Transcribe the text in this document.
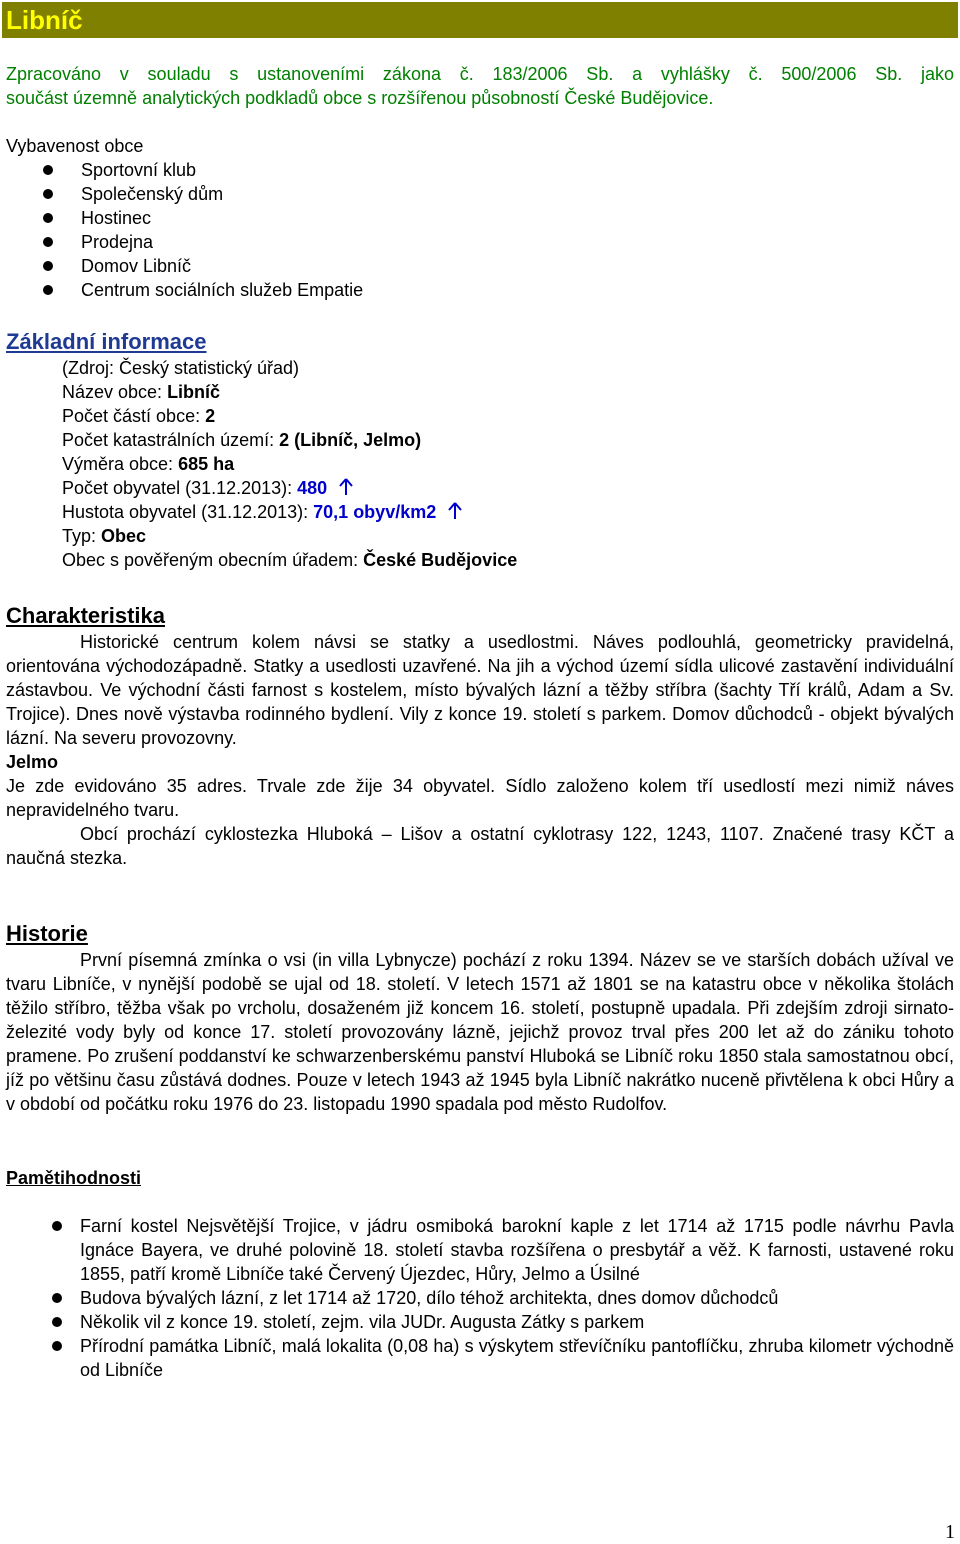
Libníč

Zpracováno v souladu s ustanoveními zákona č. 183/2006 Sb. a vyhlášky č. 500/2006 Sb. jako
součást územně analytických podkladů obce s rozšířenou působností České Budějovice.

Vybavenost obce
Sportovní klub
Společenský dům
Hostinec
Prodejna
Domov Libníč
Centrum sociálních služeb Empatie
Základní informace
(Zdroj: Český statistický úřad)
Název obce: Libníč
Počet částí obce: 2
Počet katastrálních území: 2 (Libníč, Jelmo)
Výměra obce: 685 ha
Počet obyvatel (31.12.2013): 480
Hustota obyvatel (31.12.2013): 70,1 obyv/km2
Typ: Obec
Obec s pověřeným obecním úřadem: České Budějovice
Charakteristika

Historické centrum kolem návsi se statky a usedlostmi. Náves podlouhlá, geometricky pravidelná, orientována východozápadně. Statky a usedlosti uzavřené. Na jih a východ území sídla ulicové zastavění individuální zástavbou. Ve východní části farnost s kostelem, místo bývalých lázní a těžby stříbra (šachty Tří králů, Adam a Sv. Trojice). Dnes nově výstavba rodinného bydlení. Vily z konce 19. století s parkem. Domov důchodců - objekt bývalých lázní. Na severu provozovny.

Jelmo

Je zde evidováno 35 adres. Trvale zde žije 34 obyvatel. Sídlo založeno kolem tří usedlostí mezi nimiž náves nepravidelného tvaru.

Obcí prochází cyklostezka Hluboká – Lišov a ostatní cyklotrasy 122, 1243, 1107. Značené trasy KČT a naučná stezka.

Historie

První písemná zmínka o vsi (in villa Lybnycze) pochází z roku 1394. Název se ve starších dobách užíval ve tvaru Libníče, v nynější podobě se ujal od 18. století. V letech 1571 až 1801 se na katastru obce v několika štolách těžilo stříbro, těžba však po vrcholu, dosaženém již koncem 16. století, postupně upadala. Při zdejším zdroji sirnato-železité vody byly od konce 17. století provozovány lázně, jejichž provoz trval přes 200 let až do zániku tohoto pramene. Po zrušení poddanství ke schwarzenberskému panství Hluboká se Libníč roku 1850 stala samostatnou obcí, jíž po většinu času zůstává dodnes. Pouze v letech 1943 až 1945 byla Libníč nakrátko nuceně přivtělena k obci Hůry a v období od počátku roku 1976 do 23. listopadu 1990 spadala pod město Rudolfov.

Pamětihodnosti
Farní kostel Nejsvětější Trojice, v jádru osmiboká barokní kaple z let 1714 až 1715 podle návrhu Pavla Ignáce Bayera, ve druhé polovině 18. století stavba rozšířena o presbytář a věž. K farnosti, ustavené roku 1855, patří kromě Libníče také Červený Újezdec, Hůry, Jelmo a Úsilné
Budova bývalých lázní, z let 1714 až 1720, dílo téhož architekta, dnes domov důchodců
Několik vil z konce 19. století, zejm. vila JUDr. Augusta Zátky s parkem
Přírodní památka Libníč, malá lokalita (0,08 ha) s výskytem střevíčníku pantoflíčku, zhruba kilometr východně od Libníče
1
